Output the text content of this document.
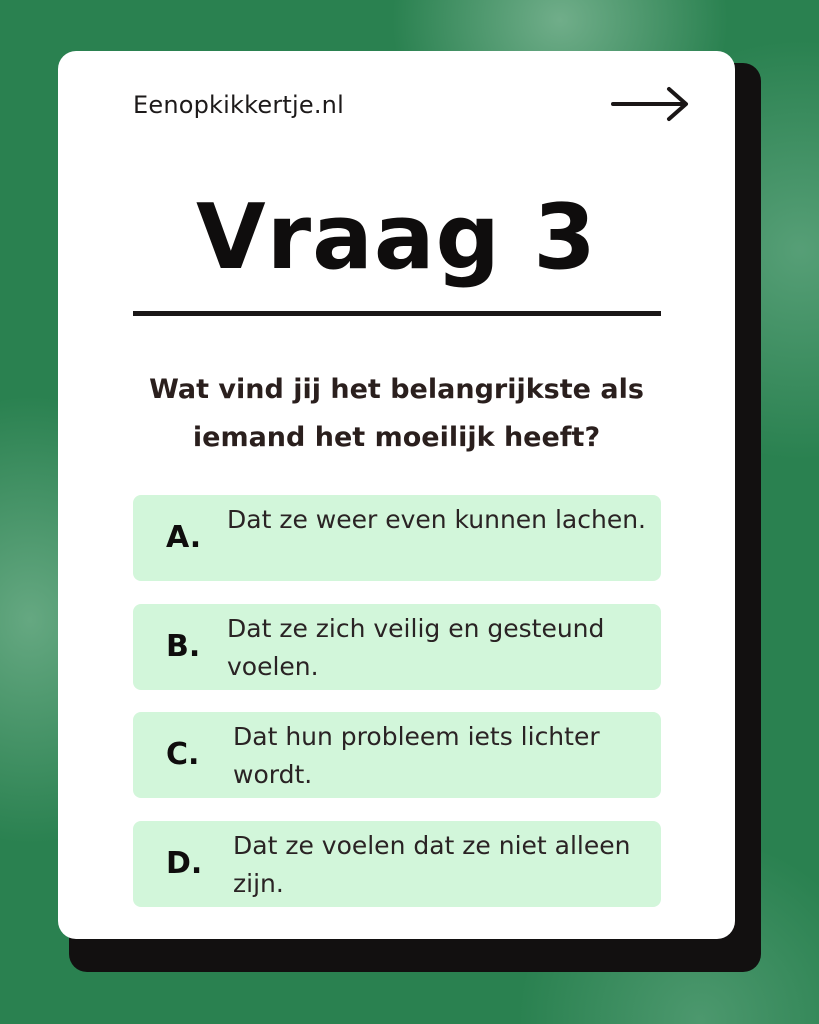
Eenopkikkertje.nl
Vraag 3
Wat vind jij het belangrijkste als iemand het moeilijk heeft?
A.
Dat ze weer even kunnen lachen.
B.
Dat ze zich veilig en gesteund voelen.
C.
Dat hun probleem iets lichter wordt.
D.
Dat ze voelen dat ze niet alleen zijn.
